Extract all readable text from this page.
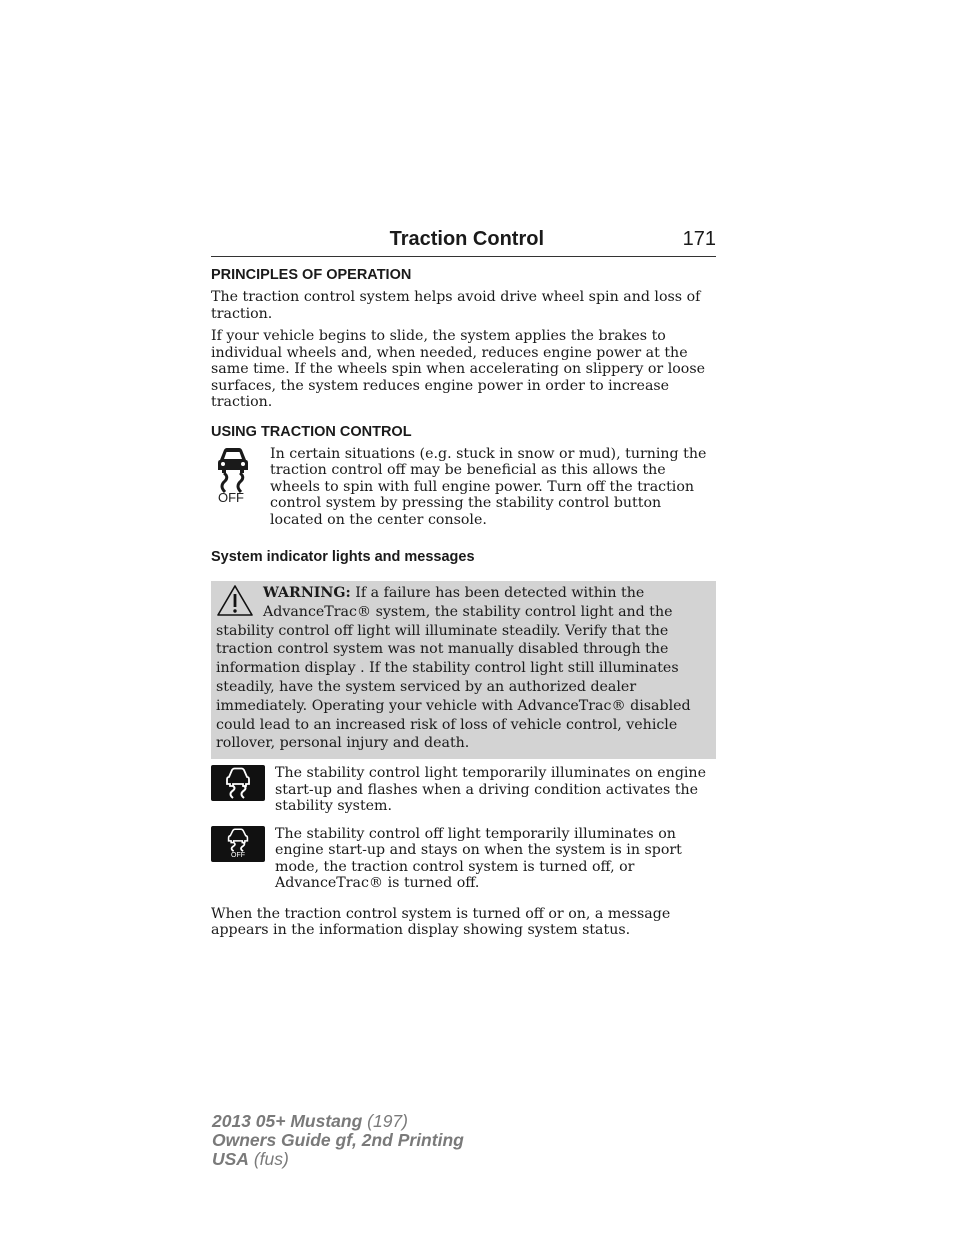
Traction Control	171
PRINCIPLES OF OPERATION

The traction control system helps avoid drive wheel spin and loss of traction.

If your vehicle begins to slide, the system applies the brakes to individual wheels and, when needed, reduces engine power at the same time. If the wheels spin when accelerating on slippery or loose surfaces, the system reduces engine power in order to increase traction.

USING TRACTION CONTROL
OFF

In certain situations (e.g. stuck in snow or mud), turning the traction control off may be beneficial as this allows the wheels to spin with full engine power. Turn off the traction control system by pressing the stability control button located on the center console.

System indicator lights and messages

WARNING: If a failure has been detected within the AdvanceTrac® system, the stability control light and the stability control off light will illuminate steadily. Verify that the traction control system was not manually disabled through the information display . If the stability control light still illuminates steadily, have the system serviced by an authorized dealer immediately. Operating your vehicle with AdvanceTrac® disabled could lead to an increased risk of loss of vehicle control, vehicle rollover, personal injury and death.

The stability control light temporarily illuminates on engine start-up and flashes when a driving condition activates the stability system.

OFF

The stability control off light temporarily illuminates on engine start-up and stays on when the system is in sport mode, the traction control system is turned off, or AdvanceTrac® is turned off.

When the traction control system is turned off or on, a message appears in the information display showing system status.

2013 05+ Mustang (197)
Owners Guide gf, 2nd Printing
USA (fus)
